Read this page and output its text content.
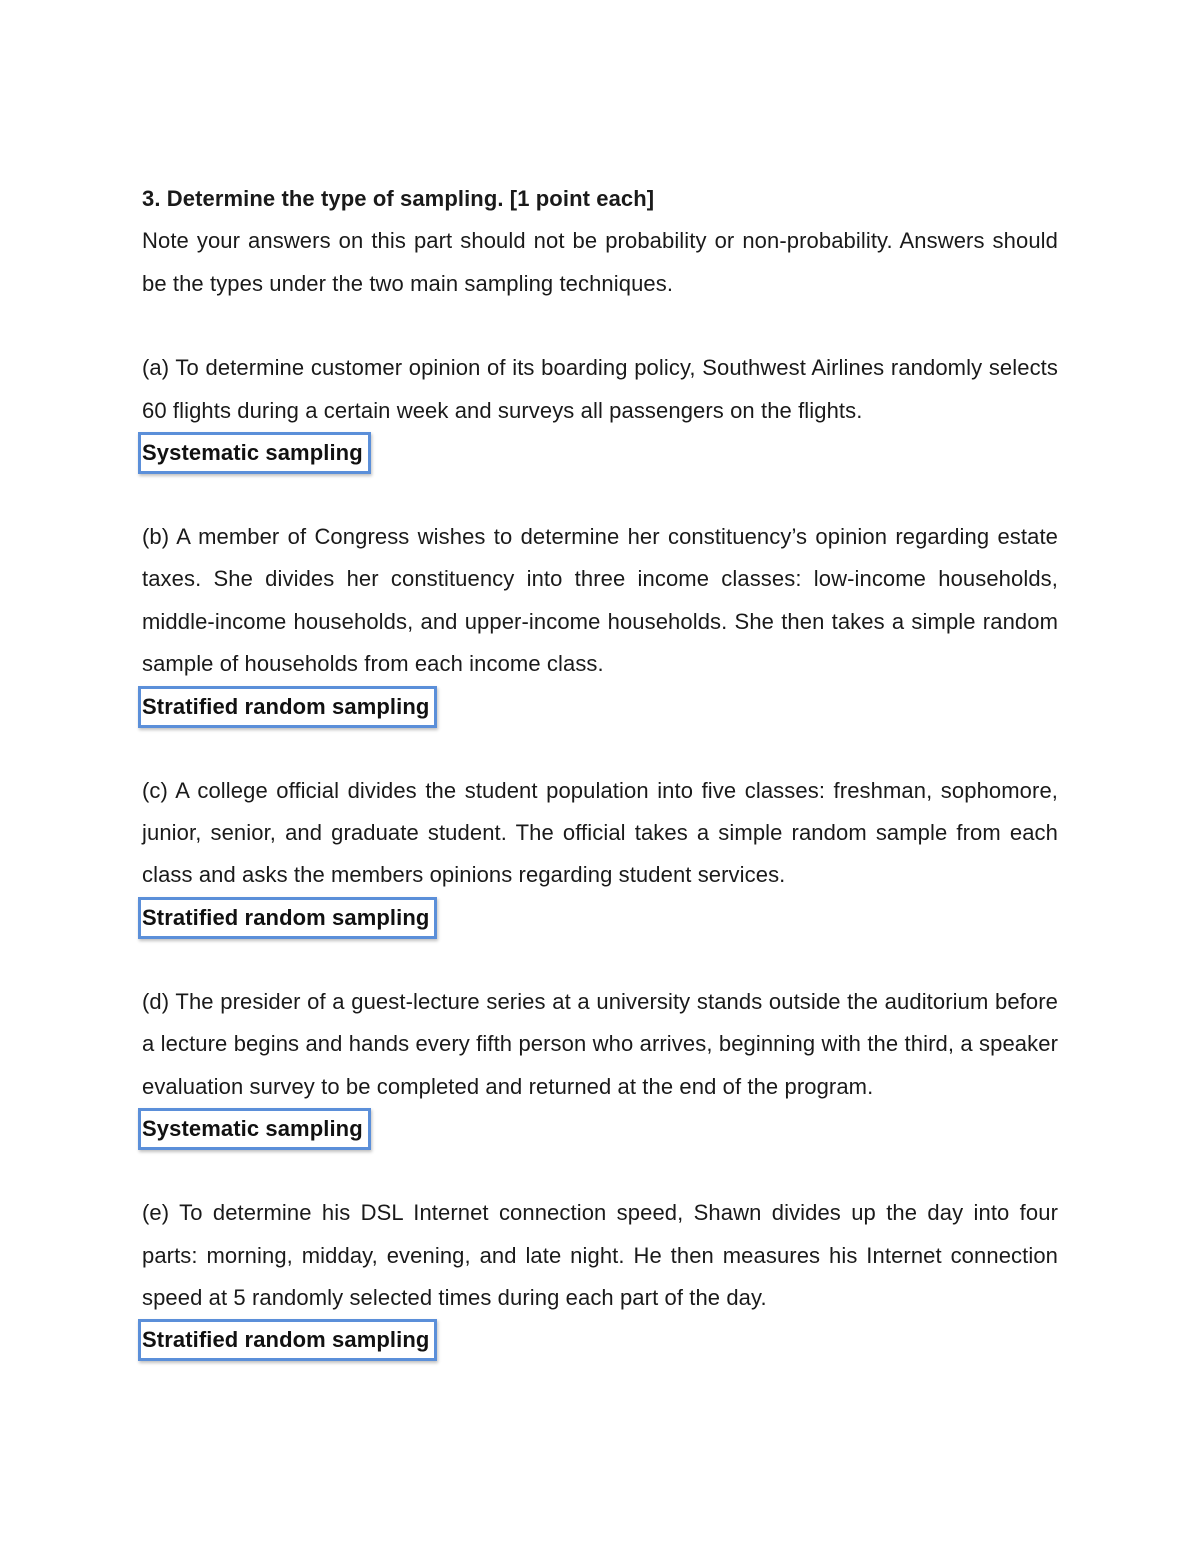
3. Determine the type of sampling. [1 point each]

Note your answers on this part should not be probability or non-probability. Answers should be the types under the two main sampling techniques.

(a) To determine customer opinion of its boarding policy, Southwest Airlines randomly selects 60 flights during a certain week and surveys all passengers on the flights.

Systematic sampling

(b) A member of Congress wishes to determine her constituency’s opinion regarding estate taxes. She divides her constituency into three income classes: low-income households, middle-income households, and upper-income households. She then takes a simple random sample of households from each income class.

Stratified random sampling

(c) A college official divides the student population into five classes: freshman, sophomore, junior, senior, and graduate student. The official takes a simple random sample from each class and asks the members opinions regarding student services.

Stratified random sampling

(d) The presider of a guest-lecture series at a university stands outside the auditorium before a lecture begins and hands every fifth person who arrives, beginning with the third, a speaker evaluation survey to be completed and returned at the end of the program.

Systematic sampling

(e) To determine his DSL Internet connection speed, Shawn divides up the day into four parts: morning, midday, evening, and late night. He then measures his Internet connection speed at 5 randomly selected times during each part of the day.

Stratified random sampling
